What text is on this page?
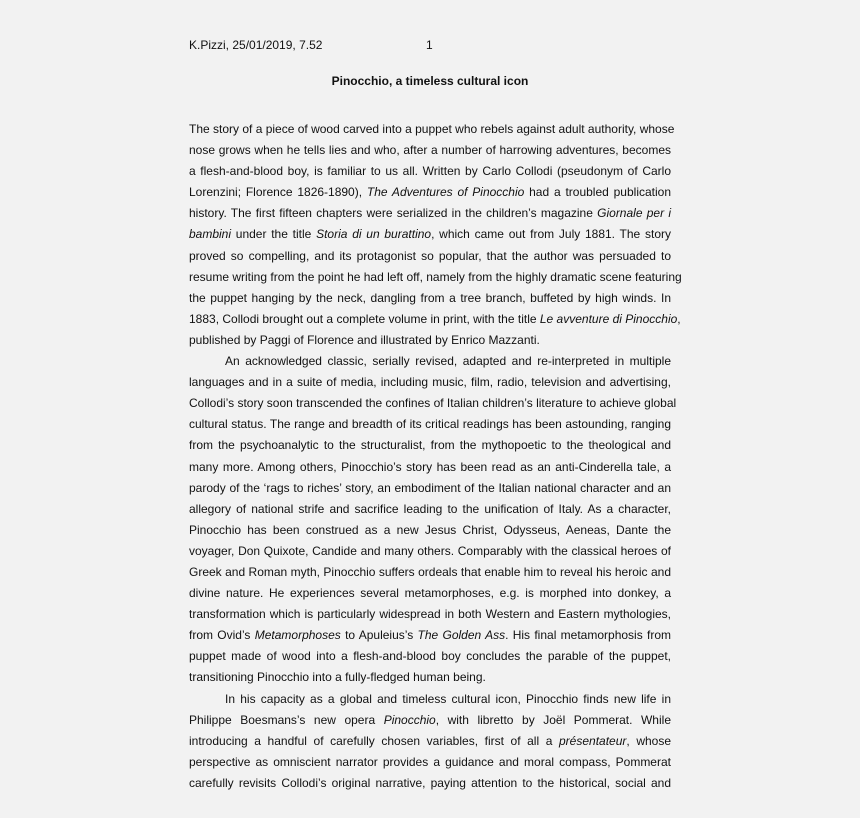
K.Pizzi, 25/01/2019, 7.52	1
Pinocchio, a timeless cultural icon
The story of a piece of wood carved into a puppet who rebels against adult authority, whose
nose grows when he tells lies and who, after a number of harrowing adventures, becomes
a flesh-and-blood boy, is familiar to us all. Written by Carlo Collodi (pseudonym of Carlo
Lorenzini; Florence 1826-1890), The Adventures of Pinocchio had a troubled publication
history. The first fifteen chapters were serialized in the children’s magazine Giornale per i
bambini under the title Storia di un burattino, which came out from July 1881. The story
proved so compelling, and its protagonist so popular, that the author was persuaded to
resume writing from the point he had left off, namely from the highly dramatic scene featuring
the puppet hanging by the neck, dangling from a tree branch, buffeted by high winds. In
1883, Collodi brought out a complete volume in print, with the title Le avventure di Pinocchio,
published by Paggi of Florence and illustrated by Enrico Mazzanti.
An acknowledged classic, serially revised, adapted and re-interpreted in multiple
languages and in a suite of media, including music, film, radio, television and advertising,
Collodi’s story soon transcended the confines of Italian children’s literature to achieve global
cultural status. The range and breadth of its critical readings has been astounding, ranging
from the psychoanalytic to the structuralist, from the mythopoetic to the theological and
many more. Among others, Pinocchio’s story has been read as an anti-Cinderella tale, a
parody of the ‘rags to riches’ story, an embodiment of the Italian national character and an
allegory of national strife and sacrifice leading to the unification of Italy. As a character,
Pinocchio has been construed as a new Jesus Christ, Odysseus, Aeneas, Dante the
voyager, Don Quixote, Candide and many others. Comparably with the classical heroes of
Greek and Roman myth, Pinocchio suffers ordeals that enable him to reveal his heroic and
divine nature. He experiences several metamorphoses, e.g. is morphed into donkey, a
transformation which is particularly widespread in both Western and Eastern mythologies,
from Ovid’s Metamorphoses to Apuleius’s The Golden Ass. His final metamorphosis from
puppet made of wood into a flesh-and-blood boy concludes the parable of the puppet,
transitioning Pinocchio into a fully-fledged human being.
In his capacity as a global and timeless cultural icon, Pinocchio finds new life in
Philippe Boesmans’s new opera Pinocchio, with libretto by Joël Pommerat. While
introducing a handful of carefully chosen variables, first of all a présentateur, whose
perspective as omniscient narrator provides a guidance and moral compass, Pommerat
carefully revisits Collodi’s original narrative, paying attention to the historical, social and
